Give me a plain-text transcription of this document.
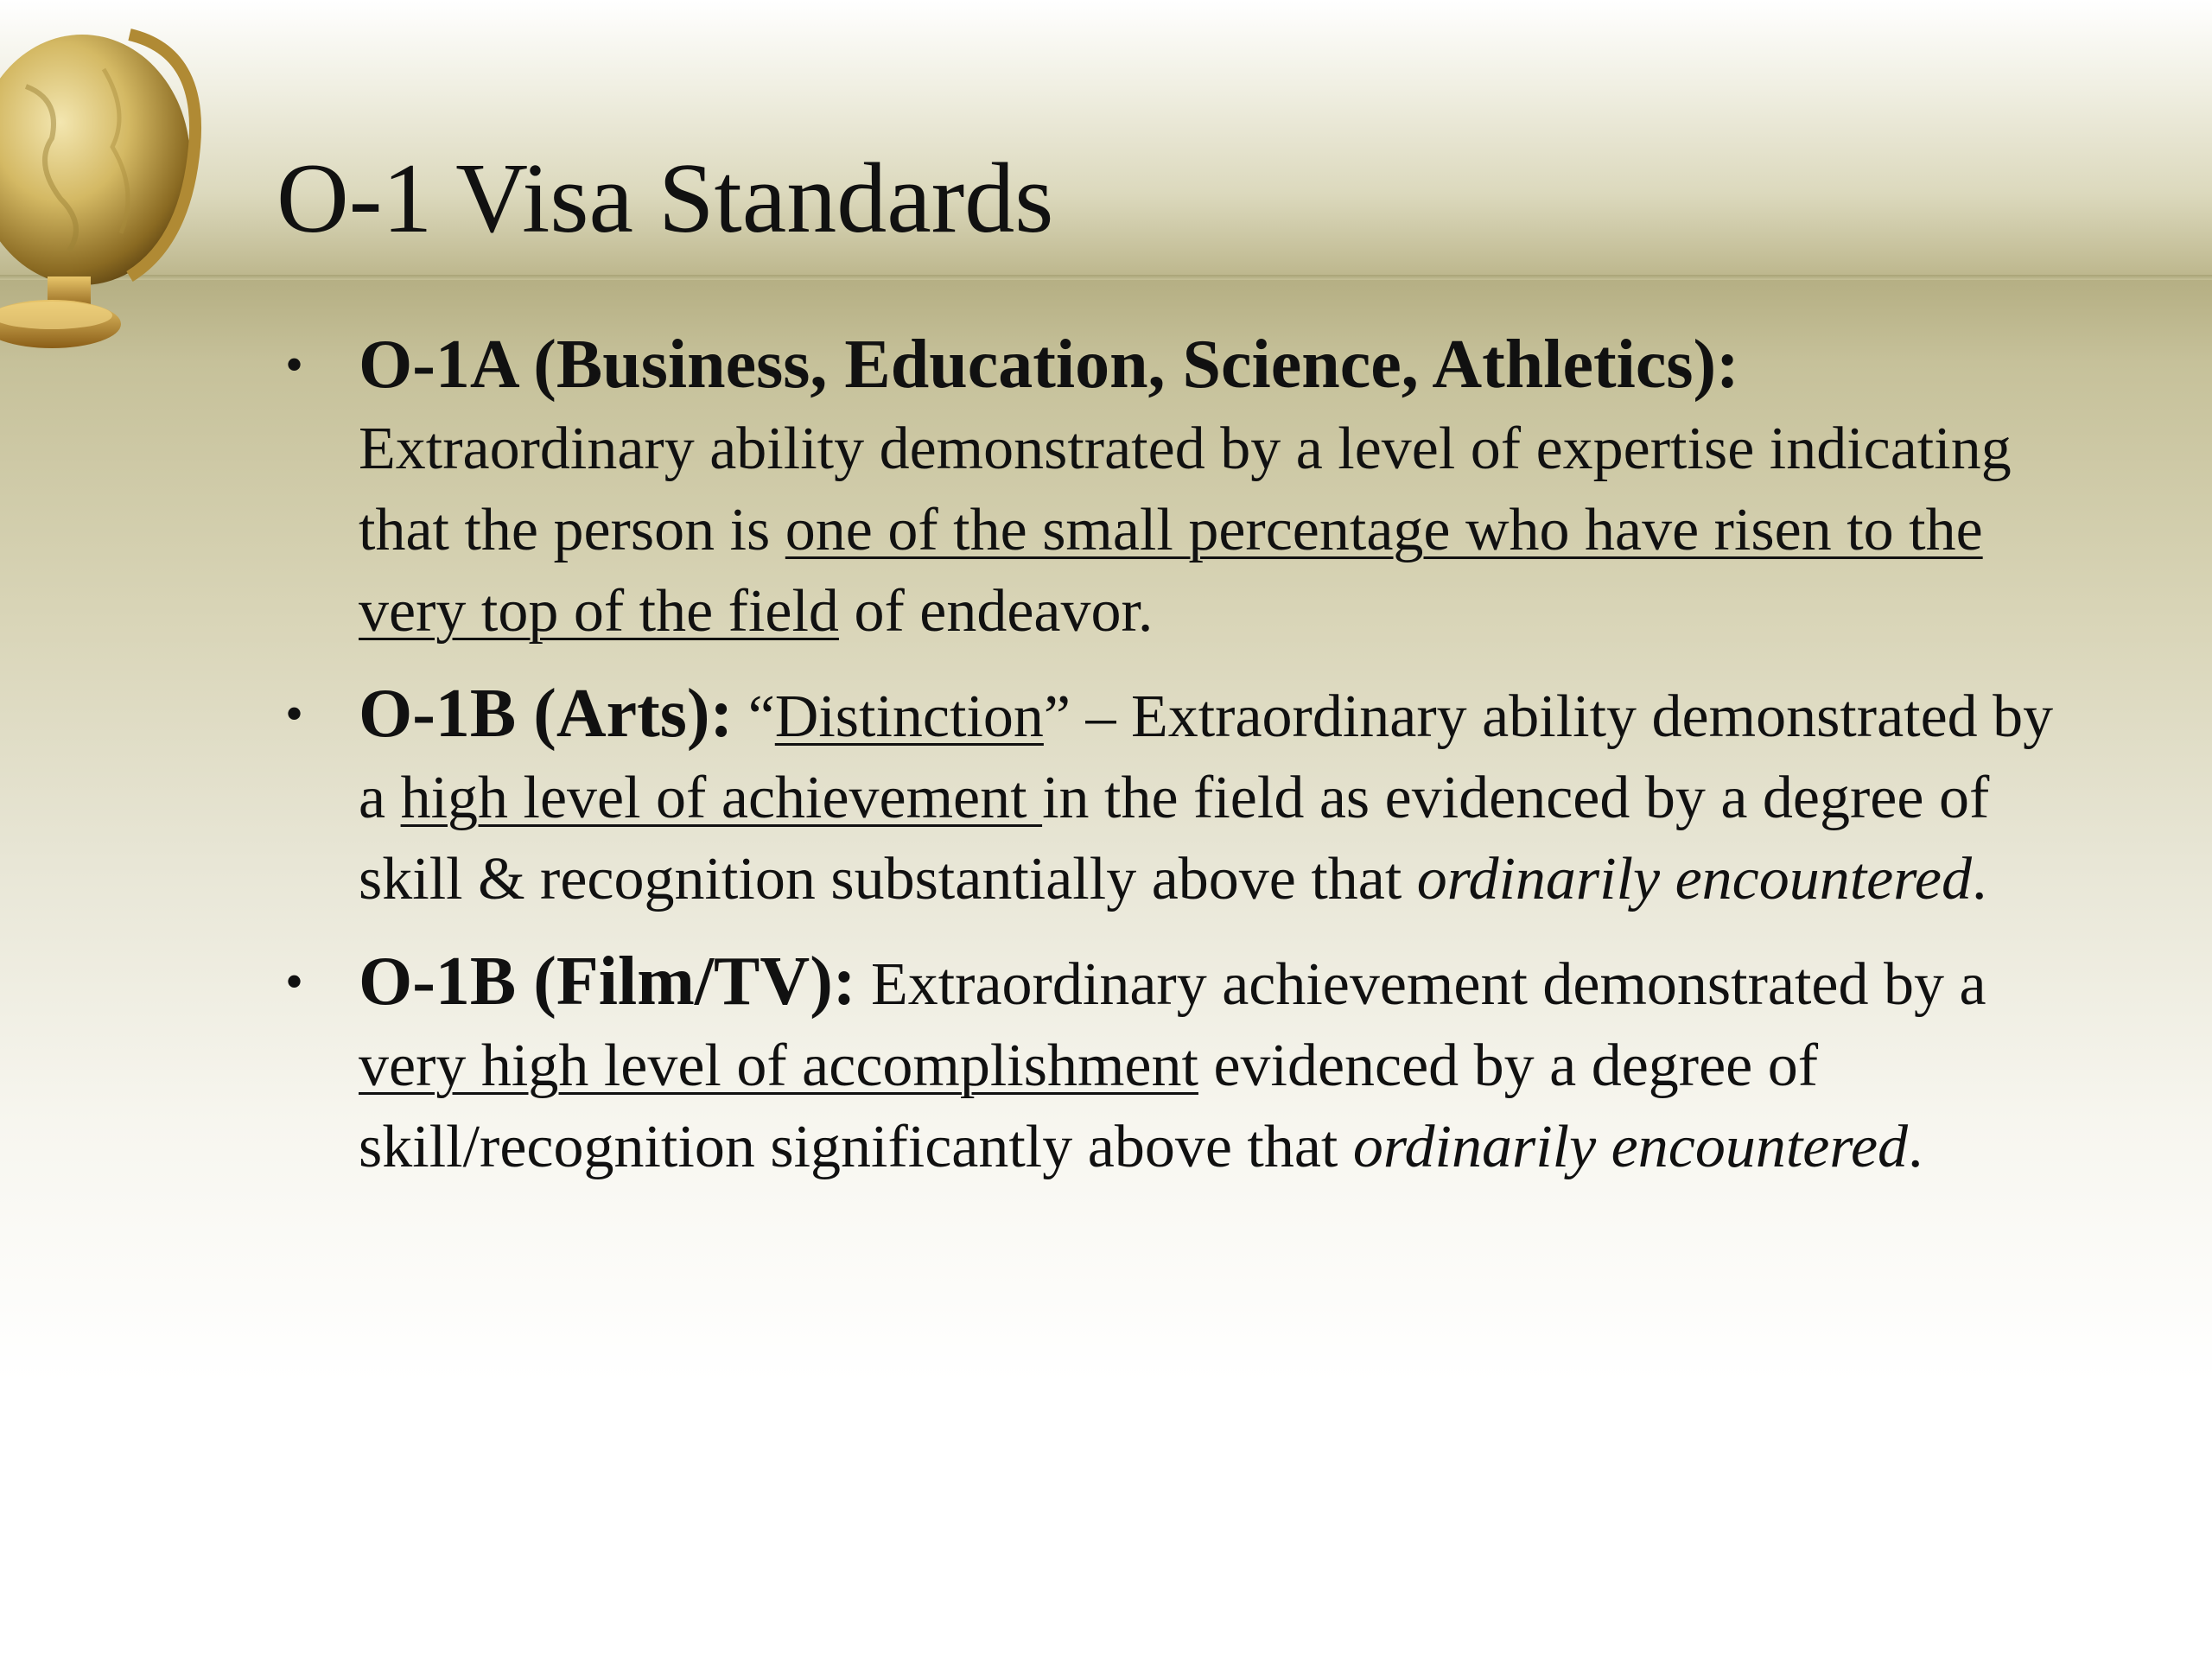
O-1 Visa Standards
• O-1A (Business, Education, Science, Athletics): Extraordinary ability demonstrated by a level of expertise indicating that the person is one of the small percentage who have risen to the very top of the field of endeavor.
• O-1B (Arts): “Distinction” – Extraordinary ability demonstrated by a high level of achievement in the field as evidenced by a degree of skill & recognition substantially above that ordinarily encountered.
• O-1B (Film/TV): Extraordinary achievement demonstrated by a very high level of accomplishment evidenced by a degree of skill/recognition significantly above that ordinarily encountered.
